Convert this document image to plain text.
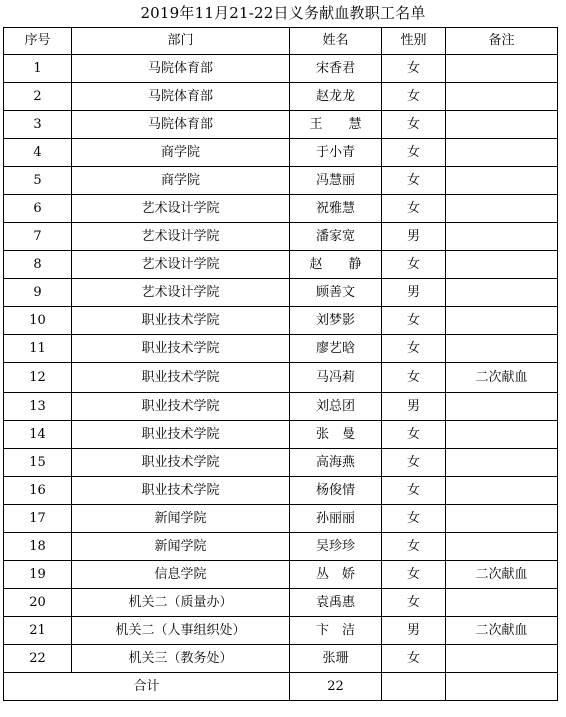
2019年11月21-22日义务献血教职工名单
序号	部门	姓名	性别	备注
1	马院体育部	宋香君	女	
2	马院体育部	赵龙龙	女	
3	马院体育部	王　　慧	女	
4	商学院	于小青	女	
5	商学院	冯慧丽	女	
6	艺术设计学院	祝雅慧	女	
7	艺术设计学院	潘家宽	男	
8	艺术设计学院	赵　　静	女	
9	艺术设计学院	顾善文	男	
10	职业技术学院	刘梦影	女	
11	职业技术学院	廖艺晗	女	
12	职业技术学院	马冯莉	女	二次献血
13	职业技术学院	刘总团	男	
14	职业技术学院	张　曼	女	
15	职业技术学院	高海燕	女	
16	职业技术学院	杨俊情	女	
17	新闻学院	孙丽丽	女	
18	新闻学院	吴珍珍	女	
19	信息学院	丛　娇	女	二次献血
20	机关二（质量办）	袁禹惠	女	
21	机关二（人事组织处）	卞　洁	男	二次献血
22	机关三（教务处）	张珊	女	
合计		22		
